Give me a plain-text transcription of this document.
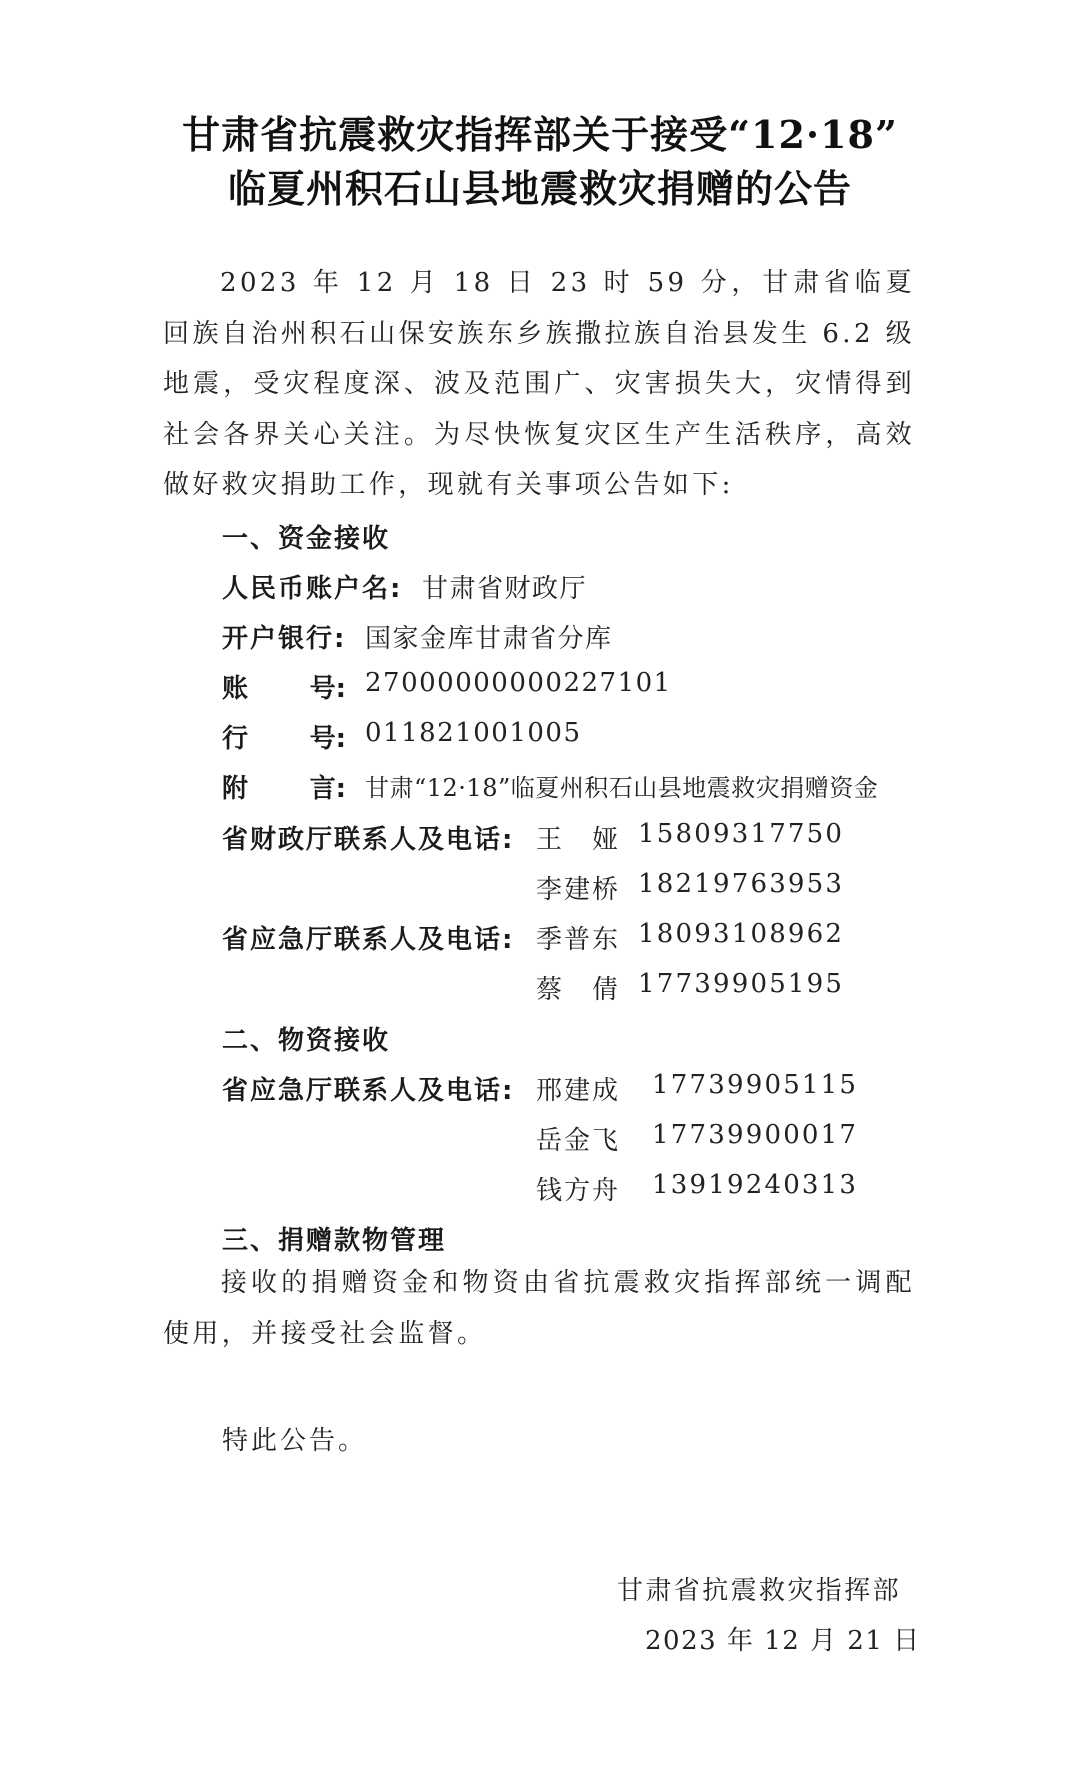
甘肃省抗震救灾指挥部关于接受“12·18”
临夏州积石山县地震救灾捐赠的公告
2023 年 12 月 18 日 23 时 59 分，甘肃省临夏回族自治州积石山保安族东乡族撒拉族自治县发生 6.2 级地震，受灾程度深、波及范围广、灾害损失大，灾情得到社会各界关心关注。为尽快恢复灾区生产生活秩序，高效做好救灾捐助工作，现就有关事项公告如下:
一、资金接收
人民币账户名: 甘肃省财政厅
开户银行: 国家金库甘肃省分库
账 号: 27000000000227101
行 号: 011821001005
附 言: 甘肃“12·18”临夏州积石山县地震救灾捐赠资金
省财政厅联系人及电话: 王　娅 15809317750
李建桥 18219763953
省应急厅联系人及电话: 季普东 18093108962
蔡　倩 17739905195
二、物资接收
省应急厅联系人及电话: 邢建成 17739905115
岳金飞 17739900017
钱方舟 13919240313
三、捐赠款物管理
接收的捐赠资金和物资由省抗震救灾指挥部统一调配使用，并接受社会监督。
特此公告。
甘肃省抗震救灾指挥部
2023 年 12 月 21 日
